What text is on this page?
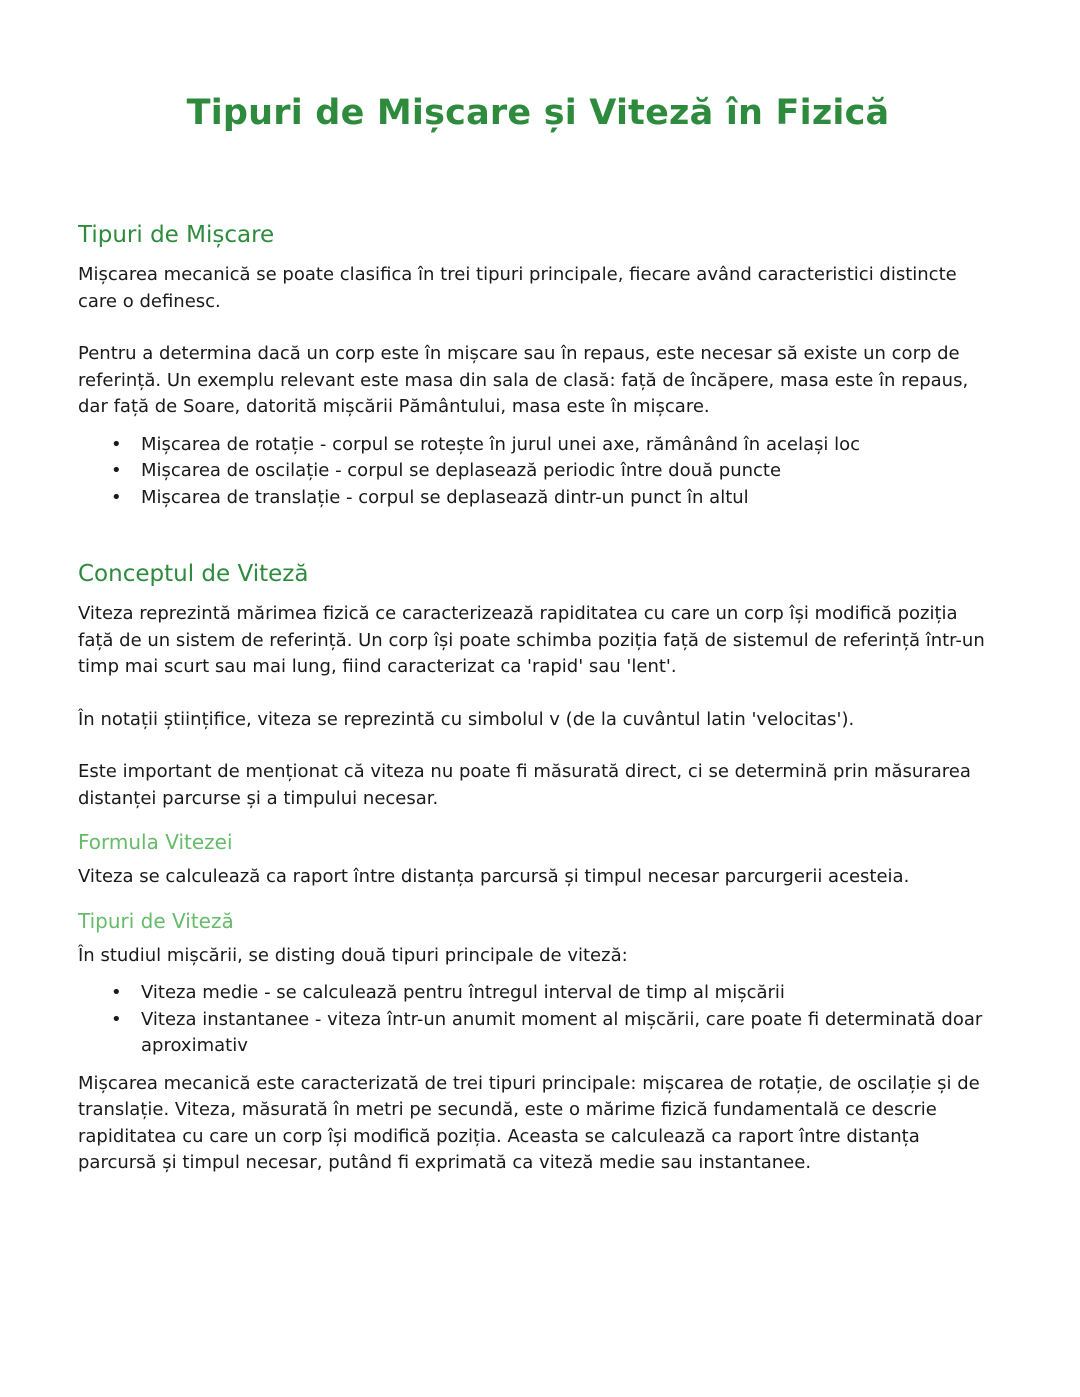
Tipuri de Mișcare și Viteză în Fizică
Tipuri de Mișcare

Mișcarea mecanică se poate clasifica în trei tipuri principale, fiecare având caracteristici distincte care o definesc.

Pentru a determina dacă un corp este în mișcare sau în repaus, este necesar să existe un corp de referință. Un exemplu relevant este masa din sala de clasă: față de încăpere, masa este în repaus, dar față de Soare, datorită mișcării Pământului, masa este în mișcare.

• Mișcarea de rotație - corpul se rotește în jurul unei axe, rămânând în același loc
• Mișcarea de oscilație - corpul se deplasează periodic între două puncte
• Mișcarea de translație - corpul se deplasează dintr-un punct în altul
Conceptul de Viteză

Viteza reprezintă mărimea fizică ce caracterizează rapiditatea cu care un corp își modifică poziția față de un sistem de referință. Un corp își poate schimba poziția față de sistemul de referință într-un timp mai scurt sau mai lung, fiind caracterizat ca 'rapid' sau 'lent'.

În notații științifice, viteza se reprezintă cu simbolul v (de la cuvântul latin 'velocitas').

Este important de menționat că viteza nu poate fi măsurată direct, ci se determină prin măsurarea distanței parcurse și a timpului necesar.

Formula Vitezei

Viteza se calculează ca raport între distanța parcursă și timpul necesar parcurgerii acesteia.

Tipuri de Viteză

În studiul mișcării, se disting două tipuri principale de viteză:

• Viteza medie - se calculează pentru întregul interval de timp al mișcării
• Viteza instantanee - viteza într-un anumit moment al mișcării, care poate fi determinată doar aproximativ

Mișcarea mecanică este caracterizată de trei tipuri principale: mișcarea de rotație, de oscilație și de translație. Viteza, măsurată în metri pe secundă, este o mărime fizică fundamentală ce descrie rapiditatea cu care un corp își modifică poziția. Aceasta se calculează ca raport între distanța parcursă și timpul necesar, putând fi exprimată ca viteză medie sau instantanee.
